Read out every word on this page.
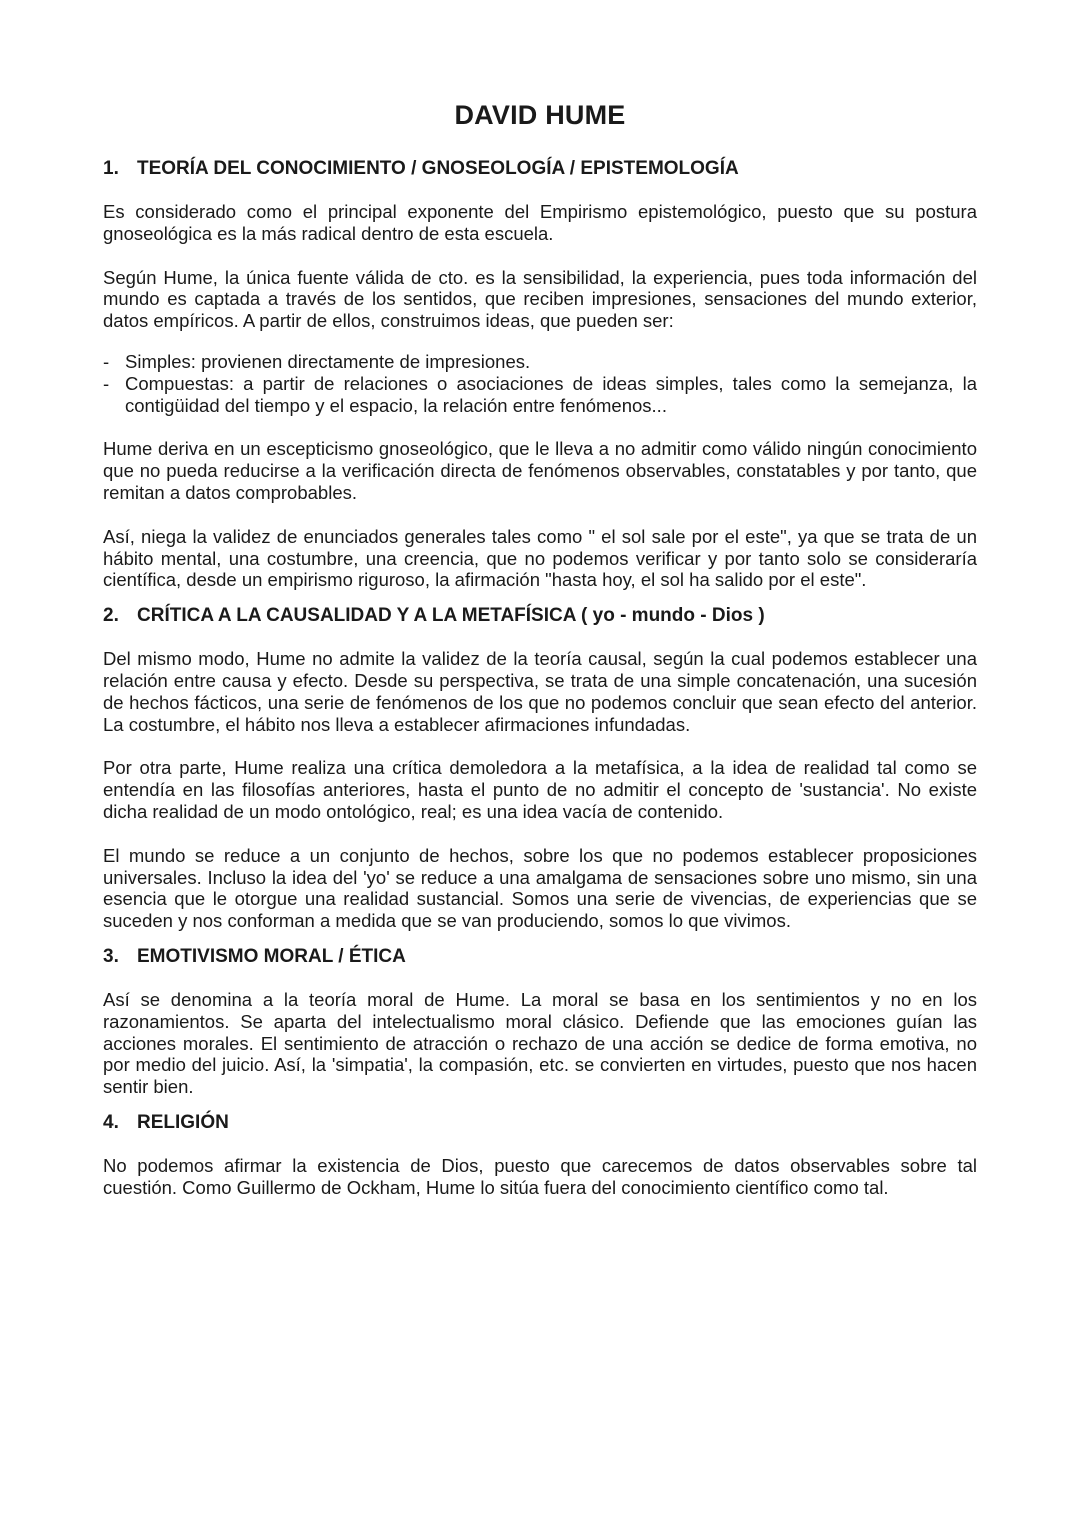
DAVID HUME
1. TEORÍA DEL CONOCIMIENTO / GNOSEOLOGÍA / EPISTEMOLOGÍA

Es considerado como el principal exponente del Empirismo epistemológico, puesto que su postura gnoseológica es la más radical dentro de esta escuela.

Según Hume, la única fuente válida de cto. es la sensibilidad, la experiencia, pues toda información del mundo es captada a través de los sentidos, que reciben impresiones, sensaciones del mundo exterior, datos empíricos. A partir de ellos, construimos ideas, que pueden ser:

- Simples: provienen directamente de impresiones.
- Compuestas: a partir de relaciones o asociaciones de ideas simples, tales como la semejanza, la contigüidad del tiempo y el espacio, la relación entre fenómenos...

Hume deriva en un escepticismo gnoseológico, que le lleva a no admitir como válido ningún conocimiento que no pueda reducirse a la verificación directa de fenómenos observables, constatables y por tanto, que remitan a datos comprobables.

Así, niega la validez de enunciados generales tales como " el sol sale por el este", ya que se trata de un hábito mental, una costumbre, una creencia, que no podemos verificar y por tanto solo se consideraría científica, desde un empirismo riguroso, la afirmación "hasta hoy, el sol ha salido por el este".

2. CRÍTICA A LA CAUSALIDAD Y A LA METAFÍSICA ( yo - mundo - Dios )

Del mismo modo, Hume no admite la validez de la teoría causal, según la cual podemos establecer una relación entre causa y efecto. Desde su perspectiva, se trata de una simple concatenación, una sucesión de hechos fácticos, una serie de fenómenos de los que no podemos concluir que sean efecto del anterior. La costumbre, el hábito nos lleva a establecer afirmaciones infundadas.

Por otra parte, Hume realiza una crítica demoledora a la metafísica, a la idea de realidad tal como se entendía en las filosofías anteriores, hasta el punto de no admitir el concepto de 'sustancia'. No existe dicha realidad de un modo ontológico, real; es una idea vacía de contenido.

El mundo se reduce a un conjunto de hechos, sobre los que no podemos establecer proposiciones universales. Incluso la idea del 'yo' se reduce a una amalgama de sensaciones sobre uno mismo, sin una esencia que le otorgue una realidad sustancial. Somos una serie de vivencias, de experiencias que se suceden y nos conforman a medida que se van produciendo, somos lo que vivimos.

3. EMOTIVISMO MORAL / ÉTICA

Así se denomina a la teoría moral de Hume. La moral se basa en los sentimientos y no en los razonamientos. Se aparta del intelectualismo moral clásico. Defiende que las emociones guían las acciones morales. El sentimiento de atracción o rechazo de una acción se dedice de forma emotiva, no por medio del juicio. Así, la 'simpatia', la compasión, etc. se convierten en virtudes, puesto que nos hacen sentir bien.

4. RELIGIÓN

No podemos afirmar la existencia de Dios, puesto que carecemos de datos observables sobre tal cuestión. Como Guillermo de Ockham, Hume lo sitúa fuera del conocimiento científico como tal.
